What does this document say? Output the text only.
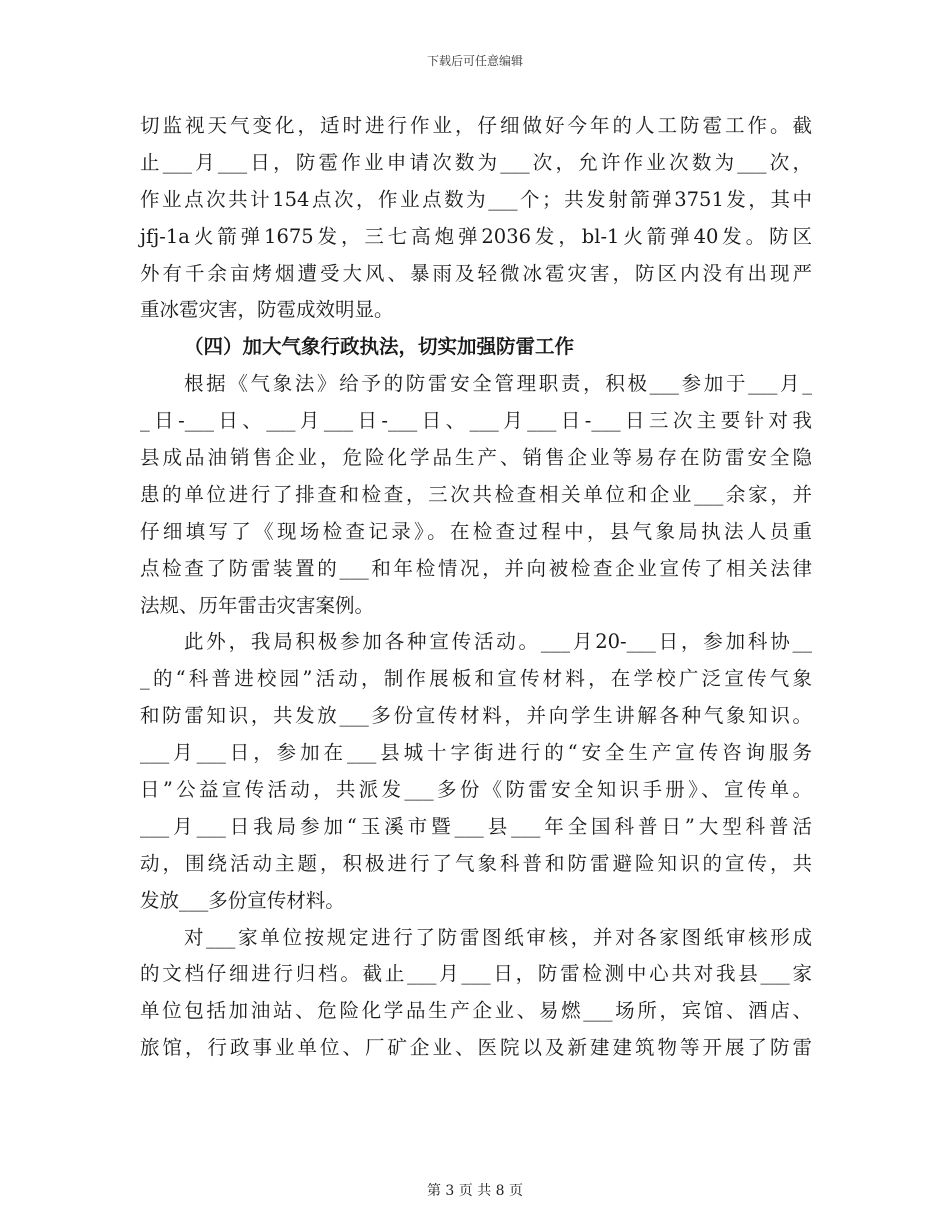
下载后可任意编辑
切监视天气变化，适时进行作业，仔细做好今年的人工防雹工作。截
止___月___日，防雹作业申请次数为___次，允许作业次数为___次，
作业点次共计154点次，作业点数为___个；共发射箭弹3751发，其中
jfj-1a火箭弹1675发，三七高炮弹2036发，bl-1火箭弹40发。防区
外有千余亩烤烟遭受大风、暴雨及轻微冰雹灾害，防区内没有出现严
重冰雹灾害，防雹成效明显。
（四）加大气象行政执法，切实加强防雷工作
根据《气象法》给予的防雷安全管理职责，积极___参加于___月_
_日-___日、___月___日-___日、___月___日-___日三次主要针对我
县成品油销售企业，危险化学品生产、销售企业等易存在防雷安全隐
患的单位进行了排查和检查，三次共检查相关单位和企业___余家，并
仔细填写了《现场检查记录》。在检查过程中，县气象局执法人员重
点检查了防雷装置的___和年检情况，并向被检查企业宣传了相关法律
法规、历年雷击灾害案例。
此外，我局积极参加各种宣传活动。___月20-___日，参加科协__
_的“科普进校园”活动，制作展板和宣传材料，在学校广泛宣传气象
和防雷知识，共发放___多份宣传材料，并向学生讲解各种气象知识。
___月___日，参加在___县城十字街进行的“安全生产宣传咨询服务
日”公益宣传活动，共派发___多份《防雷安全知识手册》、宣传单。
___月___日我局参加“玉溪市暨___县___年全国科普日”大型科普活
动，围绕活动主题，积极进行了气象科普和防雷避险知识的宣传，共
发放___多份宣传材料。
对___家单位按规定进行了防雷图纸审核，并对各家图纸审核形成
的文档仔细进行归档。截止___月___日，防雷检测中心共对我县___家
单位包括加油站、危险化学品生产企业、易燃___场所，宾馆、酒店、
旅馆，行政事业单位、厂矿企业、医院以及新建建筑物等开展了防雷
第 3 页 共 8 页
